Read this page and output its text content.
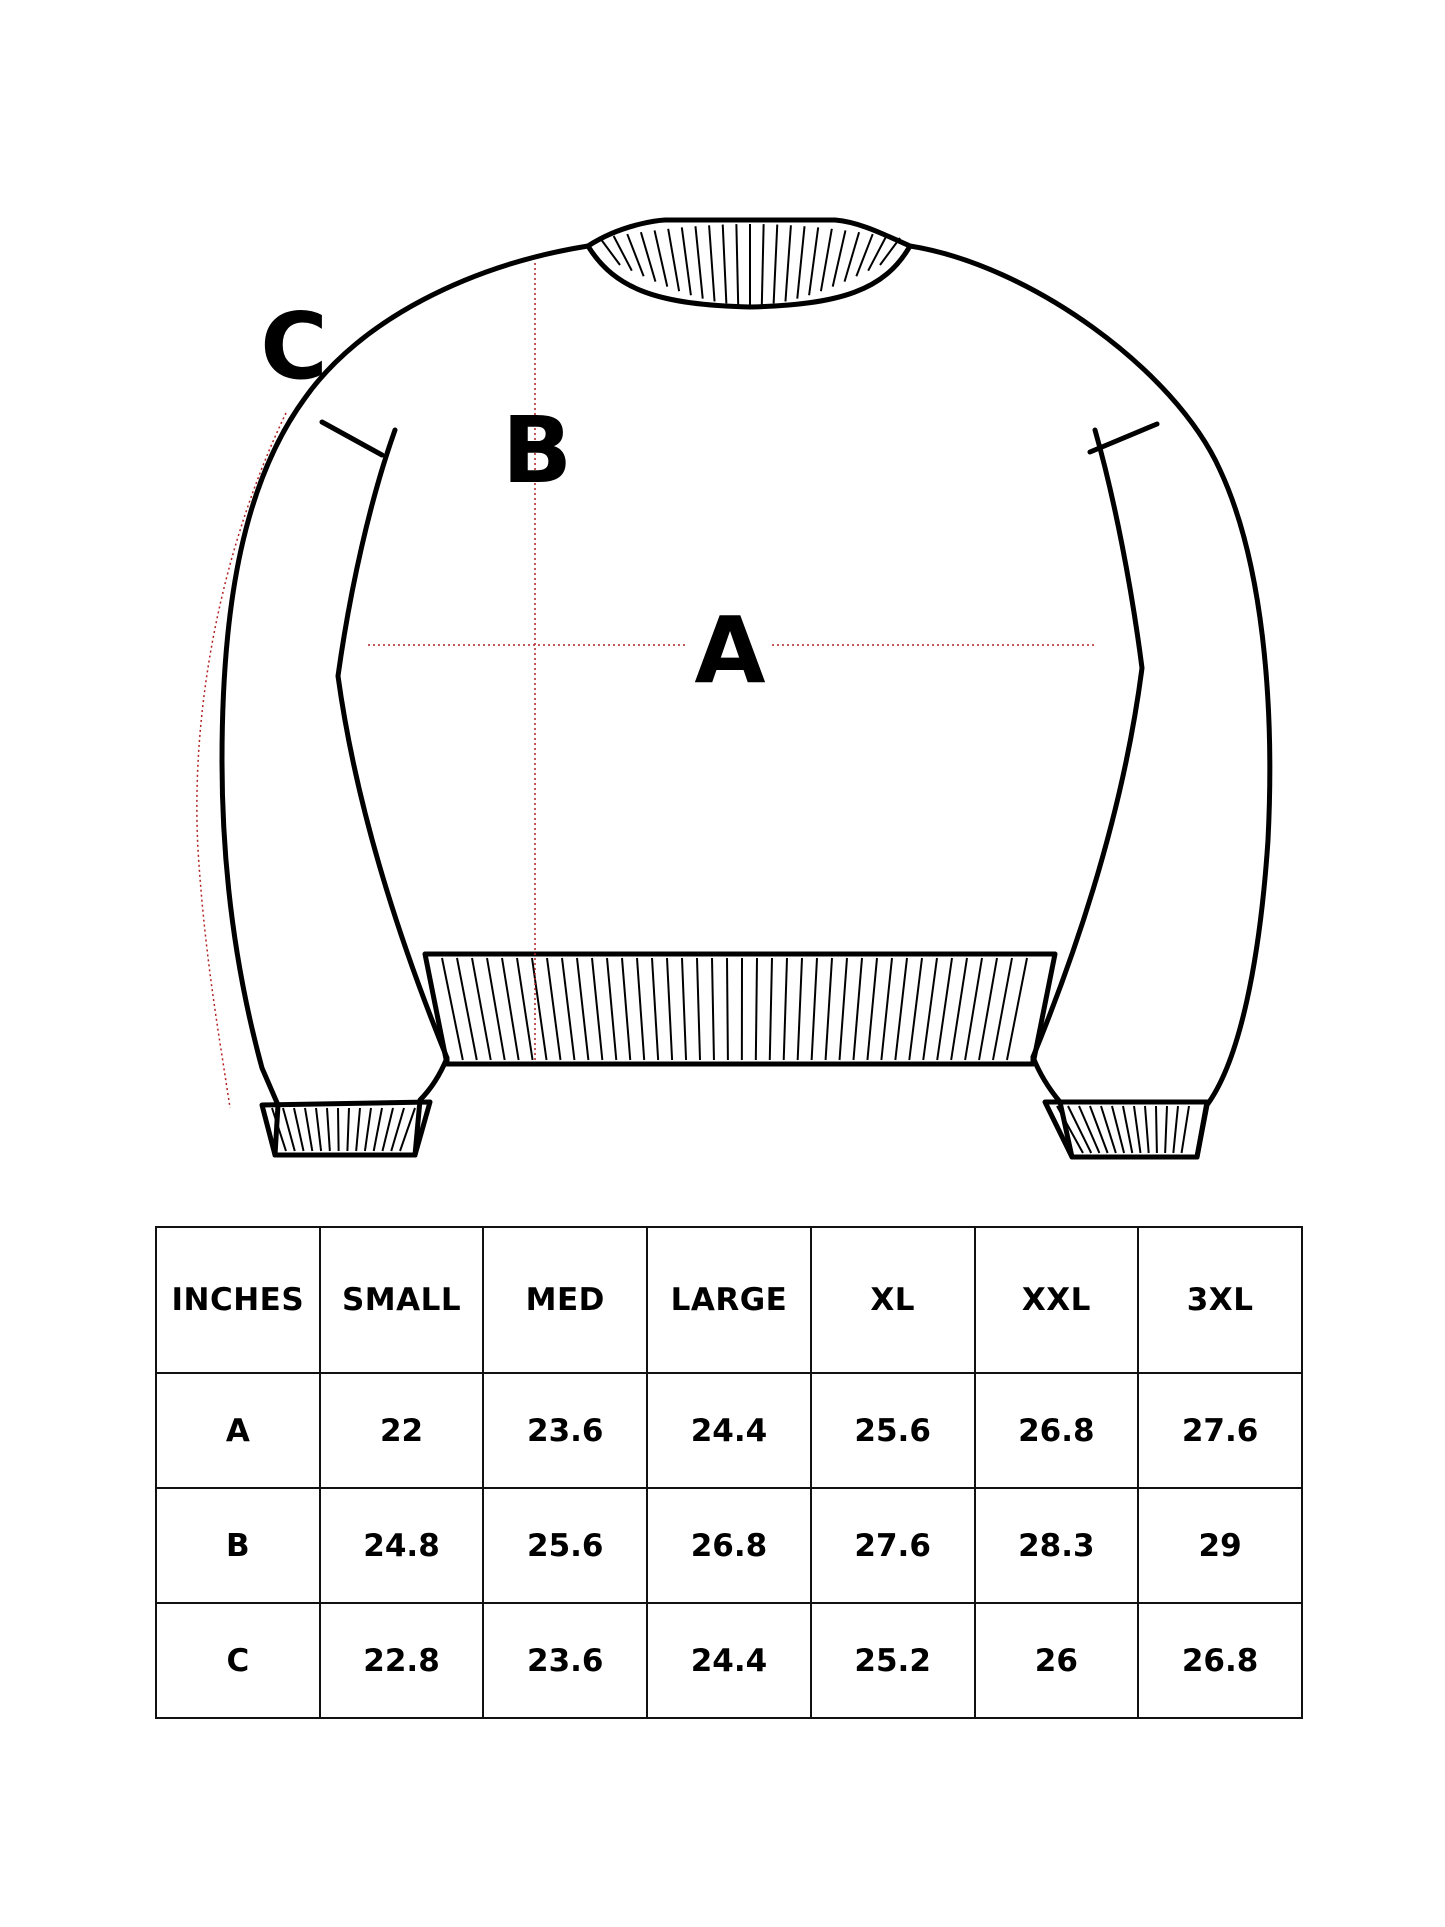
A
B
C
INCHES	SMALL	MED	LARGE	XL	XXL	3XL
A	22	23.6	24.4	25.6	26.8	27.6
B	24.8	25.6	26.8	27.6	28.3	29
C	22.8	23.6	24.4	25.2	26	26.8
